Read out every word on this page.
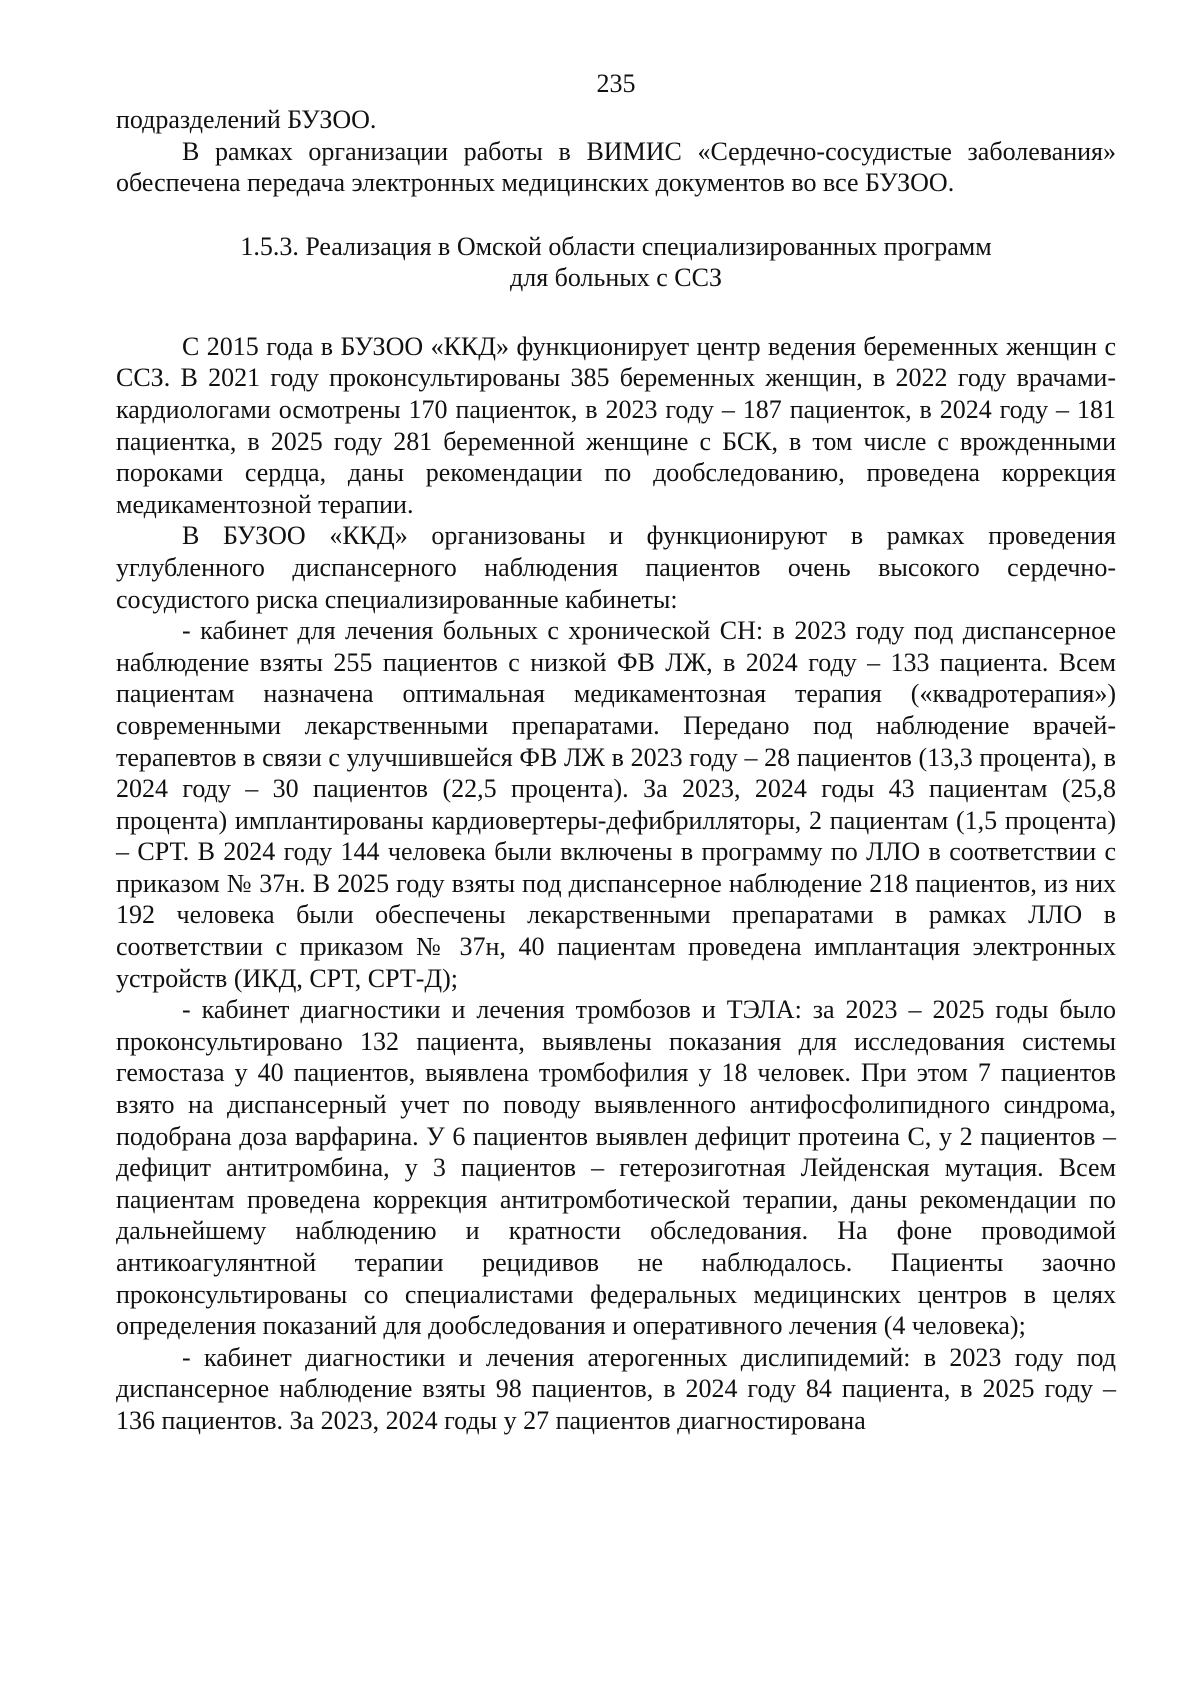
235

подразделений БУЗОО.

В рамках организации работы в ВИМИС «Сердечно-сосудистые заболевания» обеспечена передача электронных медицинских документов во все БУЗОО.

1.5.3. Реализация в Омской области специализированных программ
для больных с ССЗ

С 2015 года в БУЗОО «ККД» функционирует центр ведения беременных женщин с ССЗ. В 2021 году проконсультированы 385 беременных женщин, в 2022 году врачами-кардиологами осмотрены 170 пациенток, в 2023 году – 187 пациенток, в 2024 году – 181 пациентка, в 2025 году 281 беременной женщине с БСК, в том числе с врожденными пороками сердца, даны рекомендации по дообследованию, проведена коррекция медикаментозной терапии.

В БУЗОО «ККД» организованы и функционируют в рамках проведения углубленного диспансерного наблюдения пациентов очень высокого сердечно-сосудистого риска специализированные кабинеты:

- кабинет для лечения больных с хронической СН: в 2023 году под диспансерное наблюдение взяты 255 пациентов с низкой ФВ ЛЖ, в 2024 году – 133 пациента. Всем пациентам назначена оптимальная медикаментозная терапия («квадротерапия») современными лекарственными препаратами. Передано под наблюдение врачей-терапевтов в связи с улучшившейся ФВ ЛЖ в 2023 году – 28 пациентов (13,3 процента), в 2024 году – 30 пациентов (22,5 процента). За 2023, 2024 годы 43 пациентам (25,8 процента) имплантированы кардиовертеры-дефибрилляторы, 2 пациентам (1,5 процента) – СРТ. В 2024 году 144 человека были включены в программу по ЛЛО в соответствии с приказом № 37н. В 2025 году взяты под диспансерное наблюдение 218 пациентов, из них 192 человека были обеспечены лекарственными препаратами в рамках ЛЛО в соответствии с приказом № 37н, 40 пациентам проведена имплантация электронных устройств (ИКД, СРТ, СРТ-Д);

- кабинет диагностики и лечения тромбозов и ТЭЛА: за 2023 – 2025 годы было проконсультировано 132 пациента, выявлены показания для исследования системы гемостаза у 40 пациентов, выявлена тромбофилия у 18 человек. При этом 7 пациентов взято на диспансерный учет по поводу выявленного антифосфолипидного синдрома, подобрана доза варфарина. У 6 пациентов выявлен дефицит протеина С, у 2 пациентов – дефицит антитромбина, у 3 пациентов – гетерозиготная Лейденская мутация. Всем пациентам проведена коррекция антитромботической терапии, даны рекомендации по дальнейшему наблюдению и кратности обследования. На фоне проводимой антикоагулянтной терапии рецидивов не наблюдалось. Пациенты заочно проконсультированы со специалистами федеральных медицинских центров в целях определения показаний для дообследования и оперативного лечения (4 человека);

- кабинет диагностики и лечения атерогенных дислипидемий: в 2023 году под диспансерное наблюдение взяты 98 пациентов, в 2024 году 84 пациента, в 2025 году – 136 пациентов. За 2023, 2024 годы у 27 пациентов диагностирована
